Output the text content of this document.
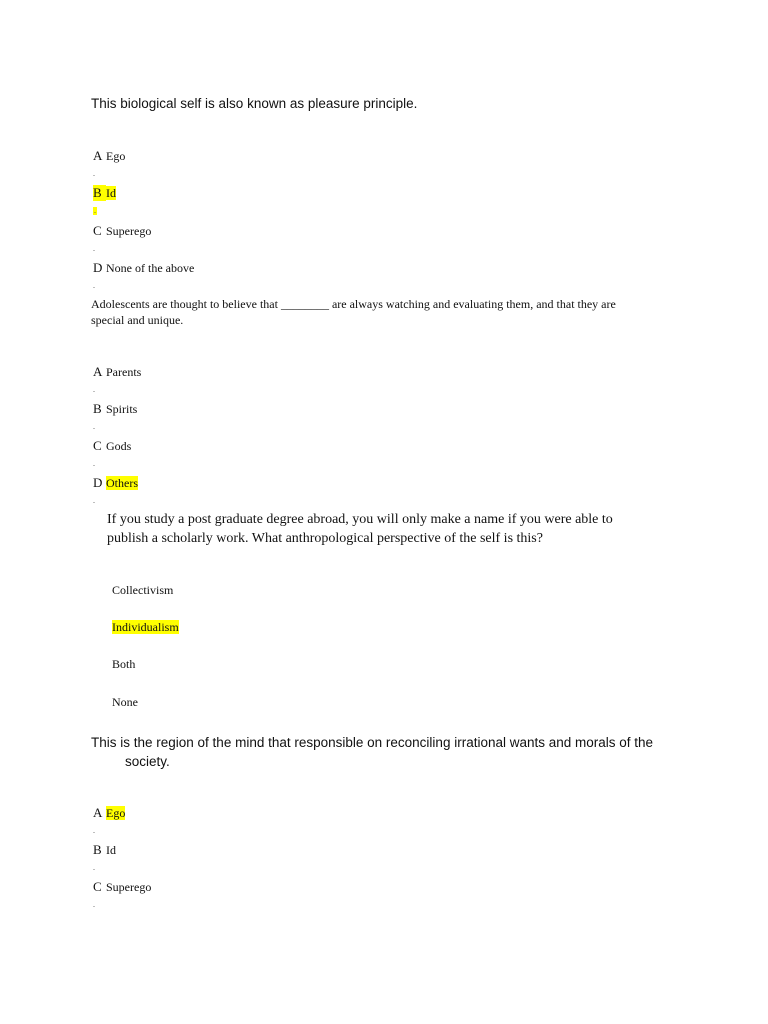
This biological self is also known as pleasure principle.
A Ego
.
B Id
.
C Superego
.
D None of the above
.
Adolescents are thought to believe that ________ are always watching and evaluating them, and that they are
special and unique.
A Parents
.
B Spirits
.
C Gods
.
D Others
.
If you study a post graduate degree abroad, you will only make a name if you were able to
publish a scholarly work. What anthropological perspective of the self is this?
Collectivism
Individualism
Both
None
This is the region of the mind that responsible on reconciling irrational wants and morals of the
society.
A Ego
.
B Id
.
C Superego
.
